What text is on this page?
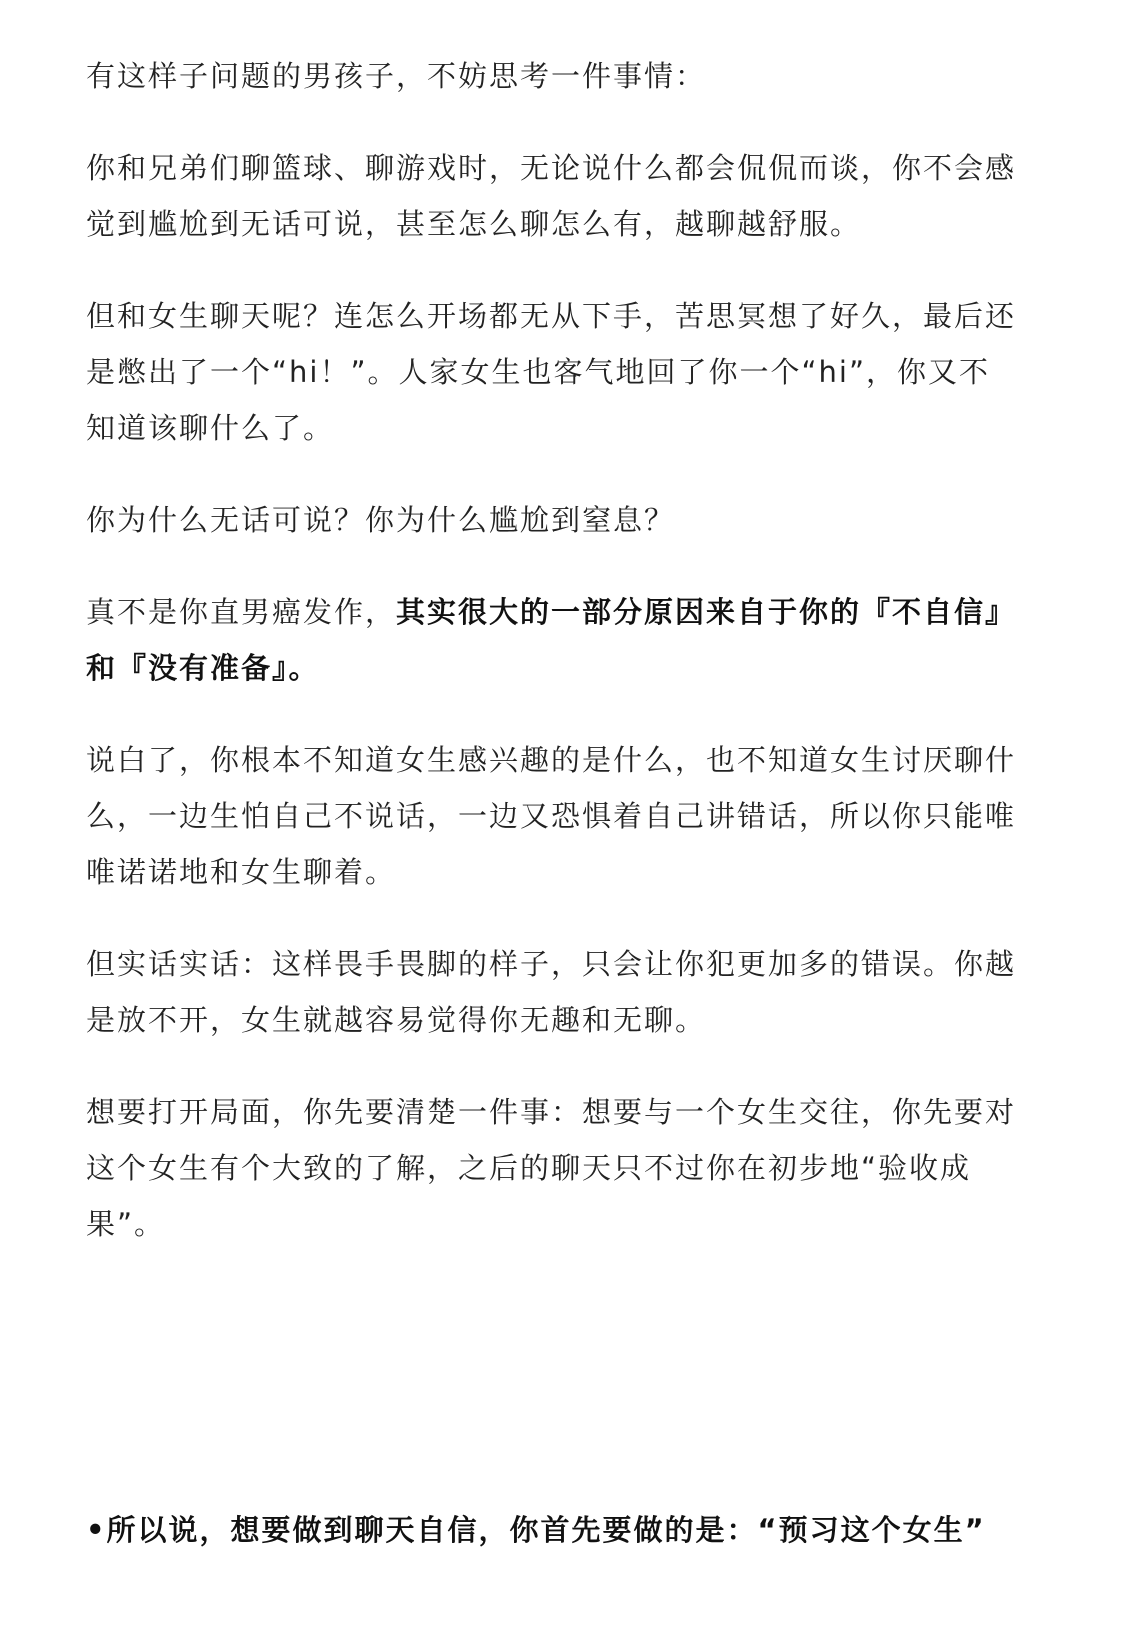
有这样子问题的男孩子，不妨思考一件事情：

你和兄弟们聊篮球、聊游戏时，无论说什么都会侃侃而谈，你不会感觉到尴尬到无话可说，甚至怎么聊怎么有，越聊越舒服。

但和女生聊天呢？连怎么开场都无从下手，苦思冥想了好久，最后还是憋出了一个“hi！”。人家女生也客气地回了你一个“hi”，你又不知道该聊什么了。

你为什么无话可说？你为什么尴尬到窒息？

真不是你直男癌发作，其实很大的一部分原因来自于你的『不自信』和『没有准备』。

说白了，你根本不知道女生感兴趣的是什么，也不知道女生讨厌聊什么，一边生怕自己不说话，一边又恐惧着自己讲错话，所以你只能唯唯诺诺地和女生聊着。

但实话实话：这样畏手畏脚的样子，只会让你犯更加多的错误。你越是放不开，女生就越容易觉得你无趣和无聊。

想要打开局面，你先要清楚一件事：想要与一个女生交往，你先要对这个女生有个大致的了解，之后的聊天只不过你在初步地“验收成果”。

•所以说，想要做到聊天自信，你首先要做的是：“预习这个女生”
